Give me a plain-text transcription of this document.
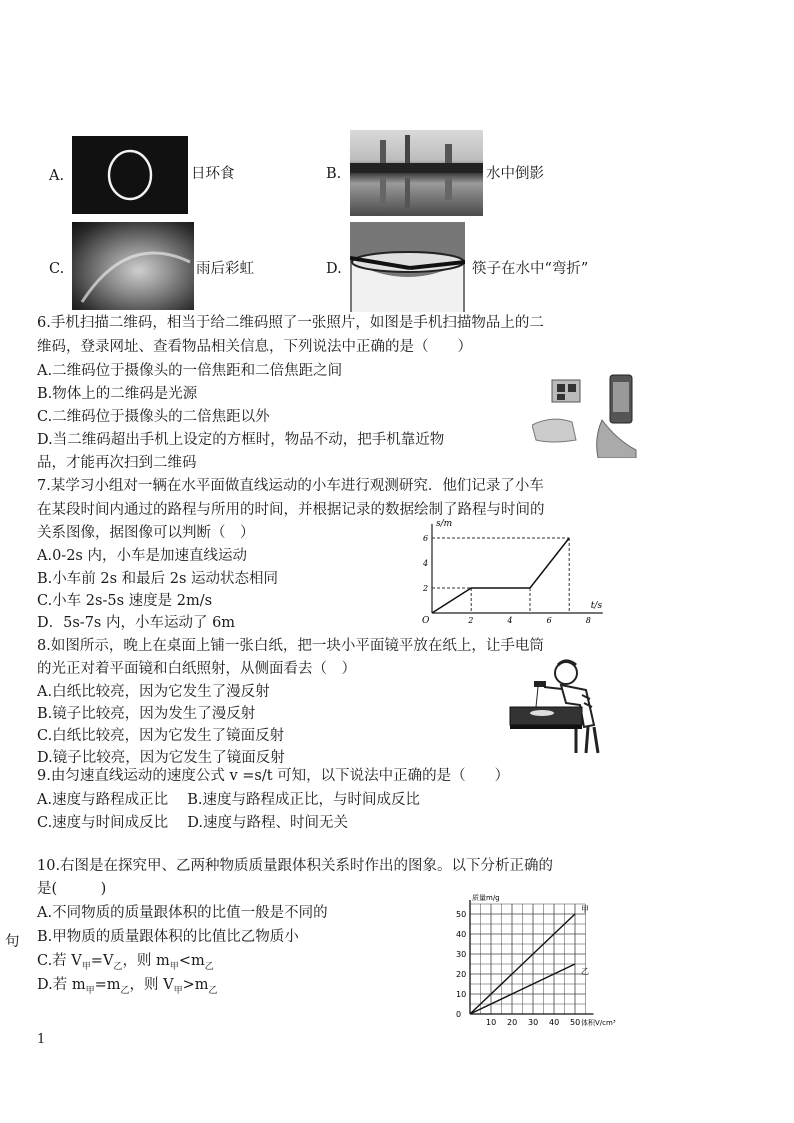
A.	日环食	B.	水中倒影
C.	雨后彩虹	D.	筷子在水中“弯折”
6.手机扫描二维码，相当于给二维码照了一张照片，如图是手机扫描物品上的二
维码，登录网址、查看物品相关信息，下列说法中正确的是（　　）
A.二维码位于摄像头的一倍焦距和二倍焦距之间
B.物体上的二维码是光源
C.二维码位于摄像头的二倍焦距以外
D.当二维码超出手机上设定的方框时，物品不动，把手机靠近物
品，才能再次扫到二维码
7.某学习小组对一辆在水平面做直线运动的小车进行观测研究．他们记录了小车
在某段时间内通过的路程与所用的时间，并根据记录的数据绘制了路程与时间的
关系图像，据图像可以判断（　）
A.0-2s 内，小车是加速直线运动
B.小车前 2s 和最后 2s 运动状态相同
C.小车 2s-5s 速度是 2m/s
D．5s-7s 内，小车运动了 6m
s/m
t/s
O	2	4	6	8
2
4
6
8.如图所示，晚上在桌面上铺一张白纸，把一块小平面镜平放在纸上，让手电筒
的光正对着平面镜和白纸照射，从侧面看去（　）
A.白纸比较亮，因为它发生了漫反射
B.镜子比较亮，因为发生了漫反射
C.白纸比较亮，因为它发生了镜面反射
D.镜子比较亮，因为它发生了镜面反射
9.由匀速直线运动的速度公式 v =s/t 可知，以下说法中正确的是（　　）
A.速度与路程成正比　 B.速度与路程成正比，与时间成反比
C.速度与时间成反比　 D.速度与路程、时间无关
10.右图是在探究甲、乙两种物质质量跟体积关系时作出的图象。以下分析正确的
是(　　　)
A.不同物质的质量跟体积的比值一般是不同的
B.甲物质的质量跟体积的比值比乙物质小
C.若 $V_甲=V_乙$，则 $m_甲<m_乙$
D.若 $m_甲=m_乙$，则 $V_甲>m_乙$
质量m/g
体积V/cm³
10 20 30 40 50
0
10
20
30
40
50
甲
乙
句
1
